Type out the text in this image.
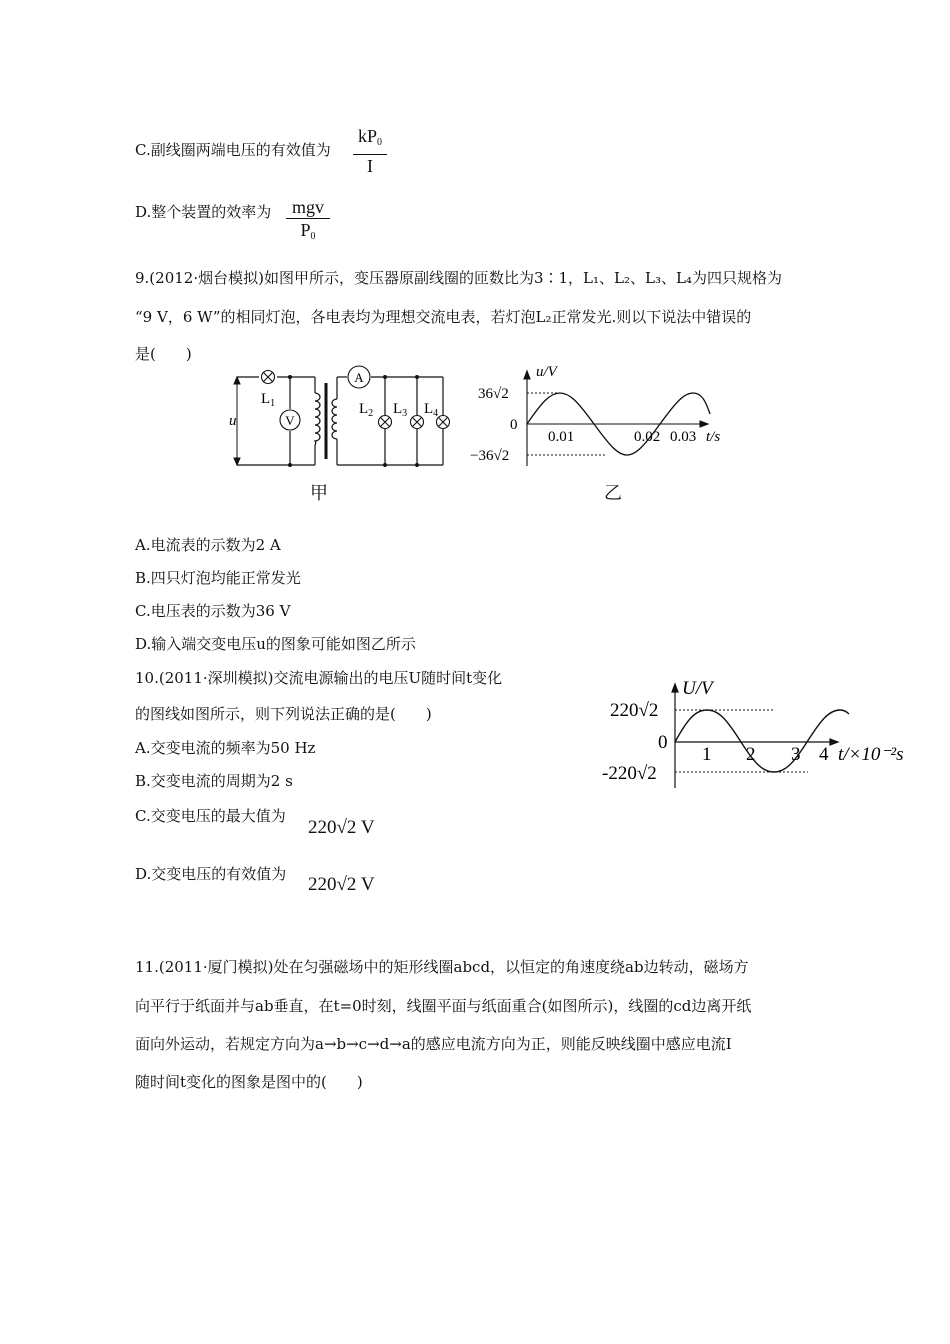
C.副线圈两端电压的有效值为
$kP_0$
I
D.整个装置的效率为	mgv
$P_0$
9.(2012·烟台模拟)如图甲所示，变压器原副线圈的匝数比为3∶1，L₁、L₂、L₃、L₄为四只规格为
“9 V，6 W”的相同灯泡，各电表均为理想交流电表，若灯泡L₂正常发光.则以下说法中错误的
是(　　)
V
A
u
$L_1$	$L_2$ $L_3$ $L_4$
甲
u/V
36√2
0
−36√2
0.01	0.02 0.03 t/s
乙
A.电流表的示数为2 A
B.四只灯泡均能正常发光
C.电压表的示数为36 V
D.输入端交变电压u的图象可能如图乙所示
10.(2011·深圳模拟)交流电源输出的电压U随时间t变化
的图线如图所示，则下列说法正确的是(　　)
A.交变电流的频率为50 Hz
B.交变电流的周期为2 s
C.交变电压的最大值为
220√2 V
D.交变电压的有效值为 220√2 V
U/V
220√2
0
-220√2
1 2 3 4 t/×10⁻²s
11.(2011·厦门模拟)处在匀强磁场中的矩形线圈abcd，以恒定的角速度绕ab边转动，磁场方
向平行于纸面并与ab垂直，在t=0时刻，线圈平面与纸面重合(如图所示)，线圈的cd边离开纸
面向外运动，若规定方向为a→b→c→d→a的感应电流方向为正，则能反映线圈中感应电流I
随时间t变化的图象是图中的(　　)
